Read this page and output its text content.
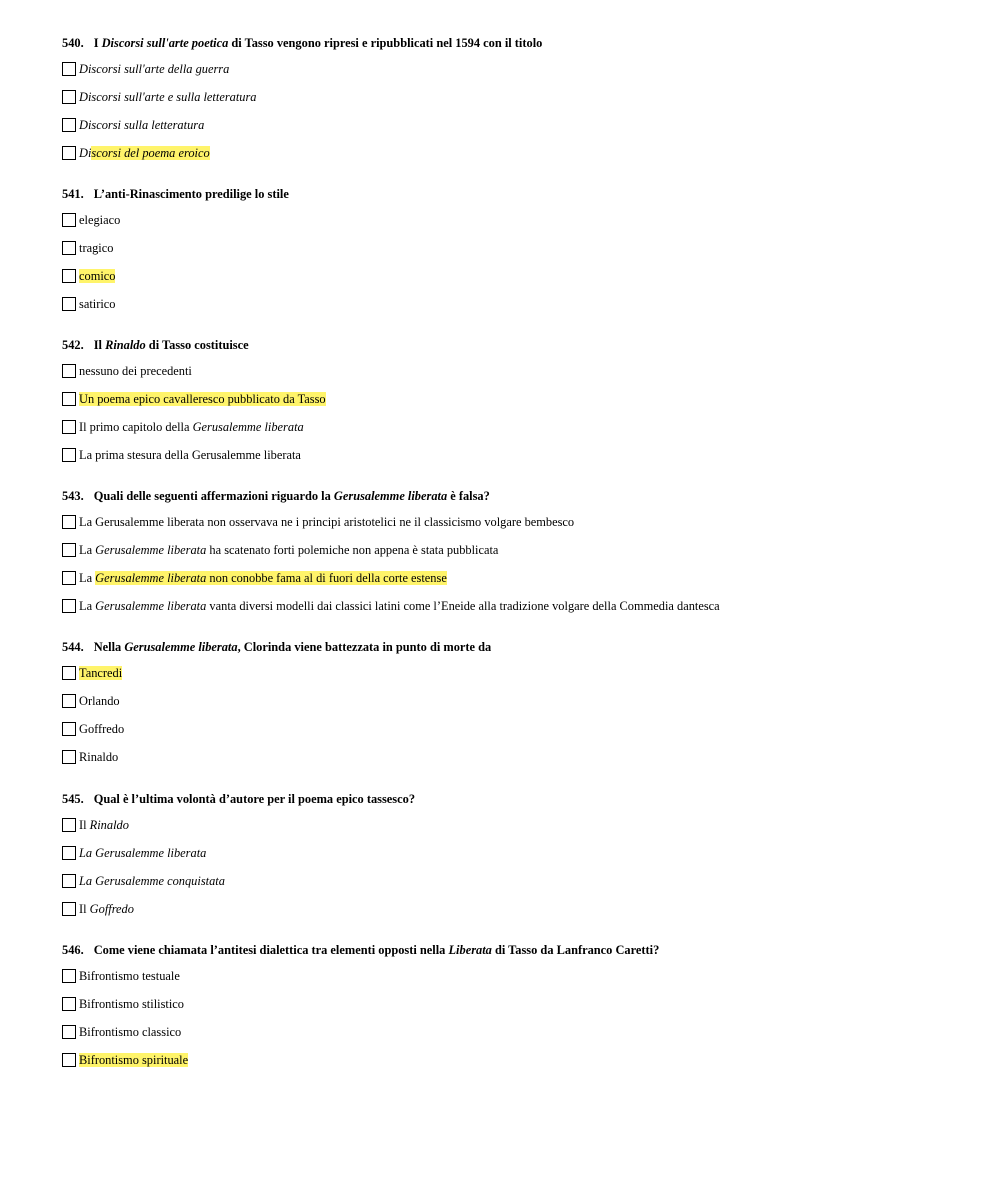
540. I Discorsi sull'arte poetica di Tasso vengono ripresi e ripubblicati nel 1594 con il titolo
Discorsi sull'arte della guerra
Discorsi sull'arte e sulla letteratura
Discorsi sulla letteratura
Discorsi del poema eroico
541. L’anti-Rinascimento predilige lo stile
elegiaco
tragico
comico
satirico
542. Il Rinaldo di Tasso costituisce
nessuno dei precedenti
Un poema epico cavalleresco pubblicato da Tasso
Il primo capitolo della Gerusalemme liberata
La prima stesura della Gerusalemme liberata
543. Quali delle seguenti affermazioni riguardo la Gerusalemme liberata è falsa?
La Gerusalemme liberata non osservava ne i principi aristotelici ne il classicismo volgare bembesco
La Gerusalemme liberata ha scatenato forti polemiche non appena è stata pubblicata
La Gerusalemme liberata non conobbe fama al di fuori della corte estense
La Gerusalemme liberata vanta diversi modelli dai classici latini come l’Eneide alla tradizione volgare della Commedia dantesca
544. Nella Gerusalemme liberata, Clorinda viene battezzata in punto di morte da
Tancredi
Orlando
Goffredo
Rinaldo
545. Qual è l’ultima volontà d’autore per il poema epico tassesco?
Il Rinaldo
La Gerusalemme liberata
La Gerusalemme conquistata
Il Goffredo
546. Come viene chiamata l’antitesi dialettica tra elementi opposti nella Liberata di Tasso da Lanfranco Caretti?
Bifrontismo testuale
Bifrontismo stilistico
Bifrontismo classico
Bifrontismo spirituale
